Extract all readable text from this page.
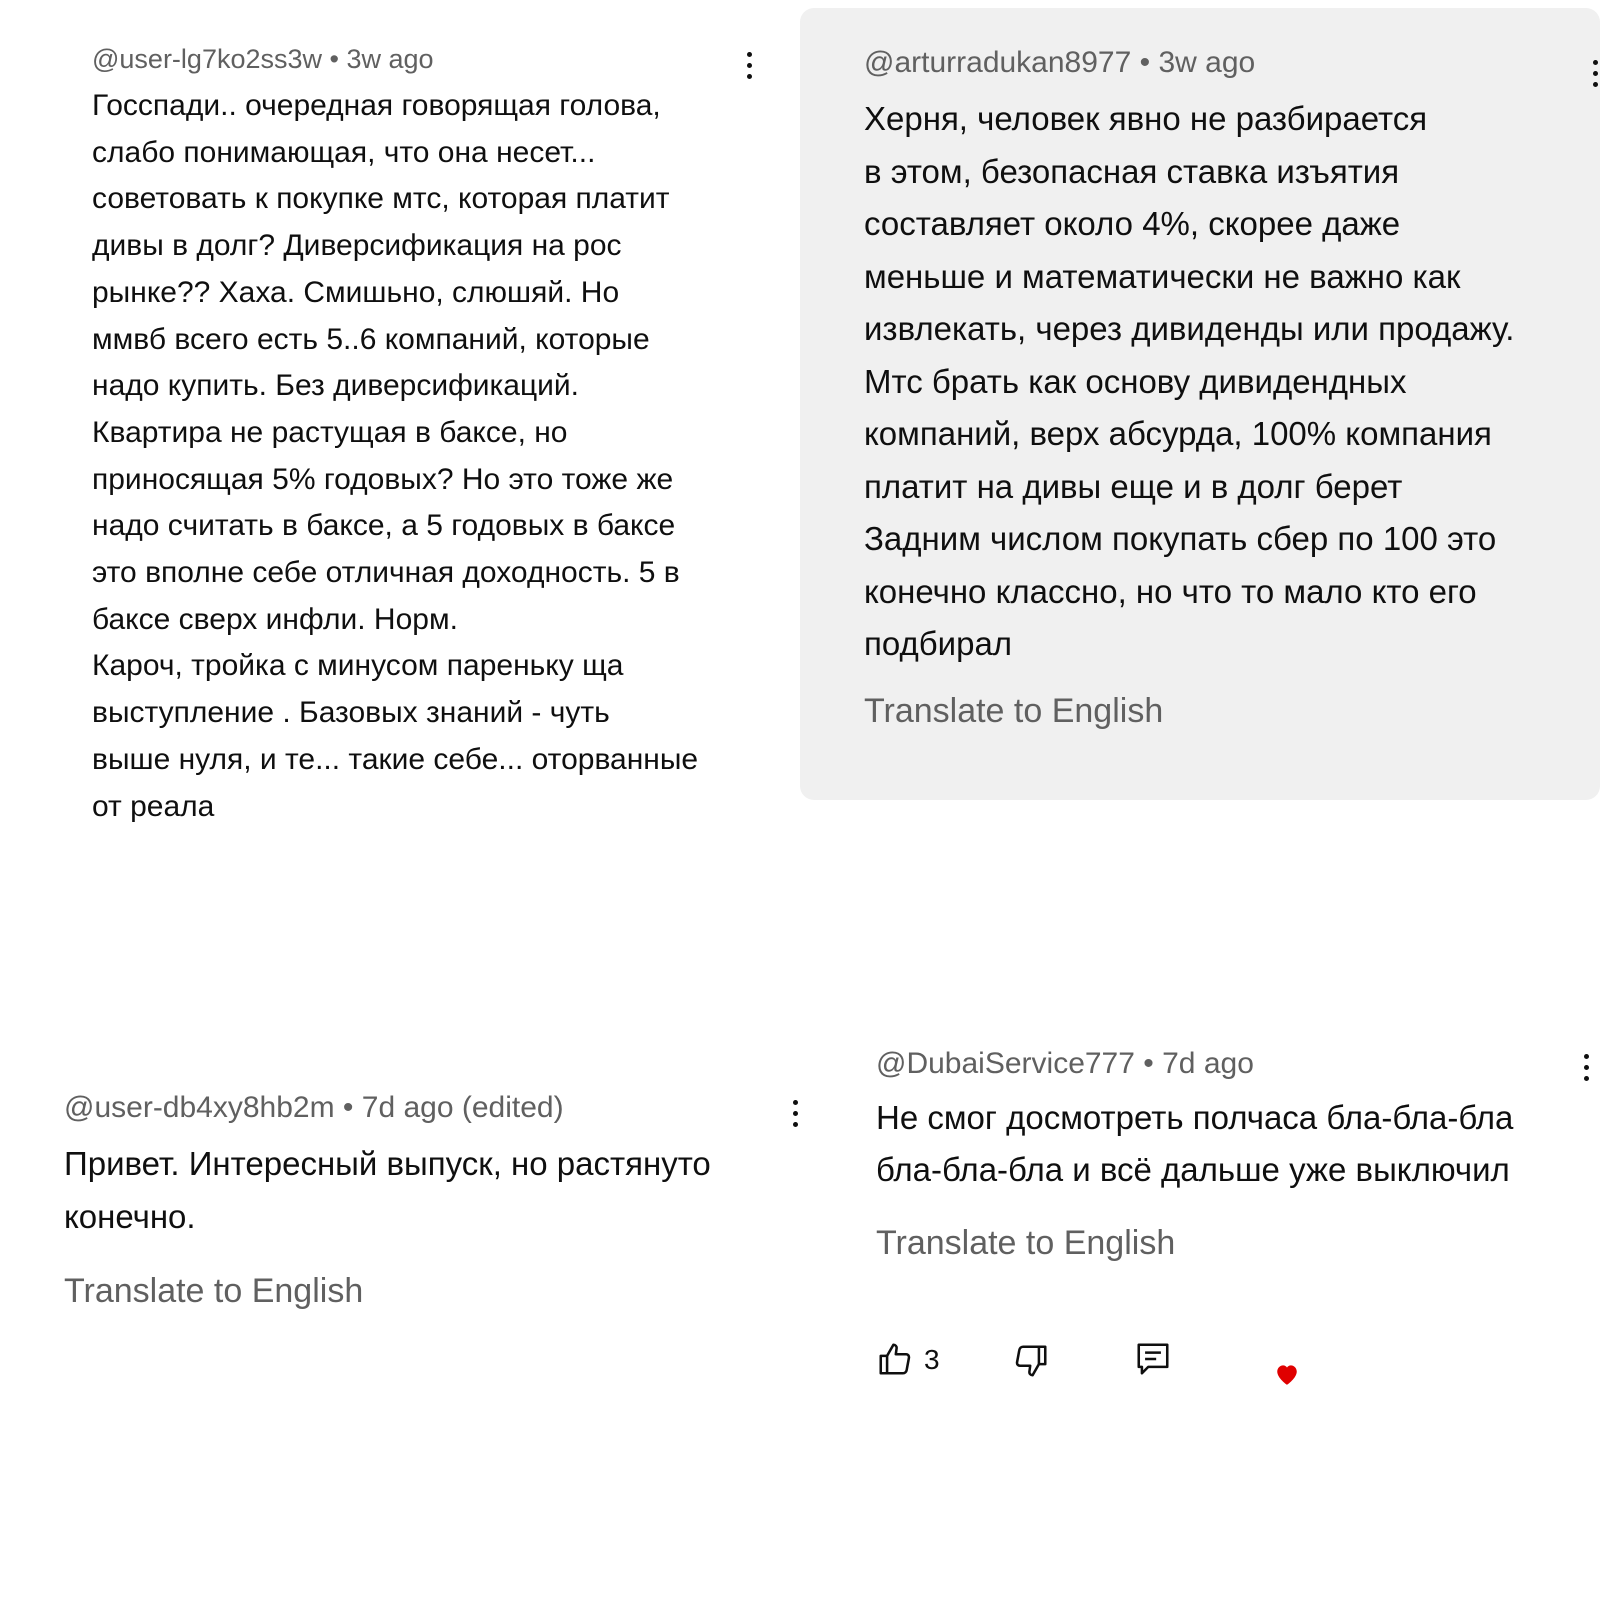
@user-lg7ko2ss3w • 3w ago

Госспади.. очередная говорящая голова,
слабо понимающая, что она несет...
советовать к покупке мтс, которая платит
дивы в долг? Диверсификация на рос
рынке?? Хаха. Смишьно, слюшяй. Но
ммвб всего есть 5..6 компаний, которые
надо купить. Без диверсификаций.
Квартира не растущая в баксе, но
приносящая 5% годовых? Но это тоже же
надо считать в баксе, а 5 годовых в баксе
это вполне себе отличная доходность. 5 в
баксе сверх инфли. Норм.
Кароч, тройка с минусом пареньку ща
выступление . Базовых знаний - чуть
выше нуля, и те... такие себе... оторванные
от реала

@arturradukan8977 • 3w ago

Херня, человек явно не разбирается
в этом, безопасная ставка изъятия
составляет около 4%, скорее даже
меньше и математически не важно как
извлекать, через дивиденды или продажу.
Мтс брать как основу дивидендных
компаний, верх абсурда, 100% компания
платит на дивы еще и в долг берет
Задним числом покупать сбер по 100 это
конечно классно, но что то мало кто его
подбирал

Translate to English
@user-db4xy8hb2m • 7d ago (edited)

Привет. Интересный выпуск, но растянуто
конечно.

Translate to English
@DubaiService777 • 7d ago

Не смог досмотреть полчаса бла-бла-бла
бла-бла-бла и всё дальше уже выключил

Translate to English
3
